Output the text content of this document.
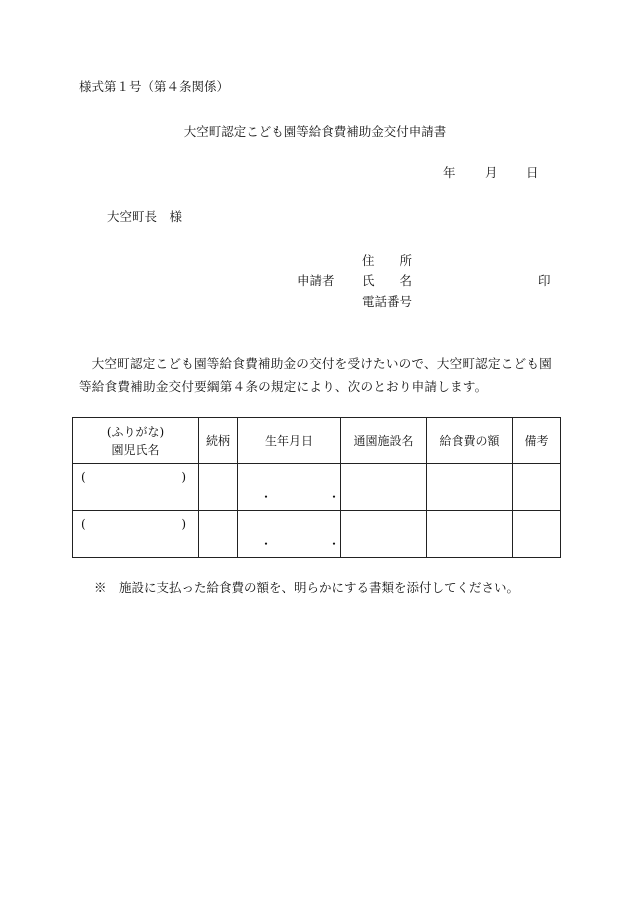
様式第１号（第４条関係）
大空町認定こども園等給食費補助金交付申請書
年 月 日
大空町長　様
住　　所
申請者 氏　　名	印
電話番号
大空町認定こども園等給食費補助金の交付を受けたいので、大空町認定こども園等給食費補助金交付要綱第４条の規定により、次のとおり申請します。
(ふりがな)
園児氏名	続柄	生年月日	通園施設名	給食費の額	備考
( )		・　・			
( )		・　・			
※　施設に支払った給食費の額を、明らかにする書類を添付してください。
